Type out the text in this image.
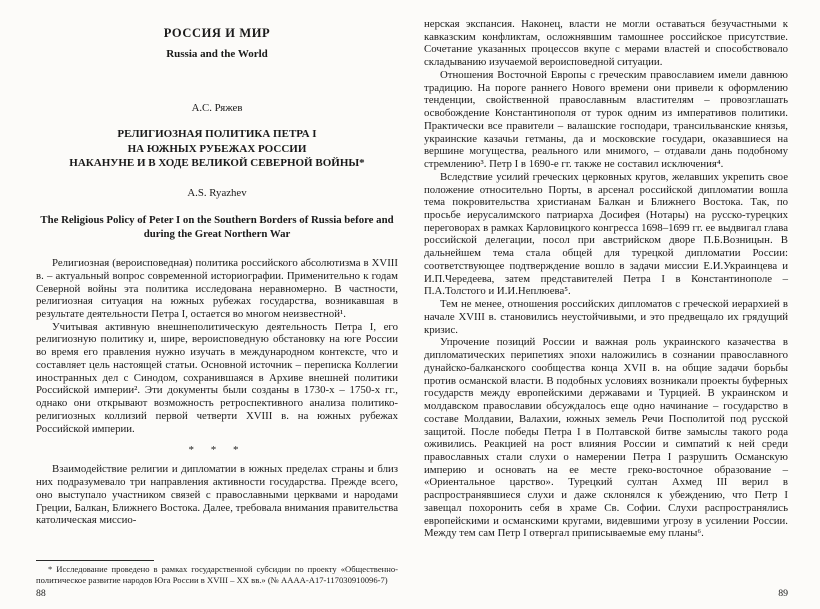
РОССИЯ И МИР
Russia and the World
А.С. Ряжев
РЕЛИГИОЗНАЯ ПОЛИТИКА ПЕТРА I
НА ЮЖНЫХ РУБЕЖАХ РОССИИ
НАКАНУНЕ И В ХОДЕ ВЕЛИКОЙ СЕВЕРНОЙ ВОЙНЫ*
A.S. Ryazhev
The Religious Policy of Peter I on the Southern Borders of Russia before and during the Great Northern War

Религиозная (вероисповедная) политика российского абсолютизма в XVIII в. – актуальный вопрос современной историографии. Применительно к годам Северной войны эта политика исследована неравномерно. В частности, религиозная ситуация на южных рубежах государства, возникавшая в результате деятельности Петра I, остается во многом неизвестной¹.

Учитывая активную внешнеполитическую деятельность Петра I, его религиозную политику и, шире, вероисповедную обстановку на юге России во время его правления нужно изучать в международном контексте, что и составляет цель настоящей статьи. Основной источник – переписка Коллегии иностранных дел с Синодом, сохранившаяся в Архиве внешней политики Российской империи². Эти документы были созданы в 1730-х – 1750-х гг., однако они открывают возможность ретроспективного анализа политико-религиозных коллизий первой четверти XVIII в. на южных рубежах Российской империи.

* * *

Взаимодействие религии и дипломатии в южных пределах страны и близ них подразумевало три направления активности государства. Прежде всего, оно выступало участником связей с православными церквами и народами Греции, Балкан, Ближнего Востока. Далее, требовала внимания правительства католическая миссио-

* Исследование проведено в рамках государственной субсидии по проекту «Общественно-политическое развитие народов Юга России в XVIII – XX вв.» (№ АААА-А17-117030910096-7)

88

нерская экспансия. Наконец, власти не могли оставаться безучастными к кавказским конфликтам, осложнявшим тамошнее российское присутствие. Сочетание указанных процессов вкупе с мерами властей и способствовало складыванию изучаемой вероисповедной ситуации.

Отношения Восточной Европы с греческим православием имели давнюю традицию. На пороге раннего Нового времени они привели к оформлению тенденции, свойственной православным властителям – провозглашать освобождение Константинополя от турок одним из императивов политики. Практически все правители – валашские господари, трансильванские князья, украинские казачьи гетманы, да и московские государи, оказавшиеся на вершине могущества, реального или мнимого, – отдавали дань подобному стремлению³. Петр I в 1690-е гг. также не составил исключения⁴.

Вследствие усилий греческих церковных кругов, желавших укрепить свое положение относительно Порты, в арсенал российской дипломатии вошла тема покровительства христианам Балкан и Ближнего Востока. Так, по просьбе иерусалимского патриарха Досифея (Нотары) на русско-турецких переговорах в рамках Карловицкого конгресса 1698–1699 гг. ее выдвигал глава российской делегации, посол при австрийском дворе П.Б.Возницын. В дальнейшем тема стала общей для турецкой дипломатии России: соответствующее подтверждение вошло в задачи миссии Е.И.Украинцева и И.П.Чередеева, затем представителей Петра I в Константинополе – П.А.Толстого и И.И.Неплюева⁵.

Тем не менее, отношения российских дипломатов с греческой иерархией в начале XVIII в. становились неустойчивыми, и это предвещало их грядущий кризис.

Упрочение позиций России и важная роль украинского казачества в дипломатических перипетиях эпохи наложились в сознании православного дунайско-балканского сообщества конца XVII в. на общие задачи борьбы против османской власти. В подобных условиях возникали проекты буферных государств между европейскими державами и Турцией. В украинском и молдавском православии обсуждалось еще одно начинание – государство в составе Молдавии, Валахии, южных земель Речи Посполитой под русской защитой. После победы Петра I в Полтавской битве замыслы такого рода оживились. Реакцией на рост влияния России и симпатий к ней среди православных стали слухи о намерении Петра I разрушить Османскую империю и основать на ее месте греко-восточное образование – «Ориентальное царство». Турецкий султан Ахмед III верил в распространявшиеся слухи и даже склонялся к убеждению, что Петр I завещал похоронить себя в храме Св. Софии. Слухи распространялись европейскими и османскими кругами, видевшими угрозу в усилении России. Между тем сам Петр I отвергал приписываемые ему планы⁶.

89
